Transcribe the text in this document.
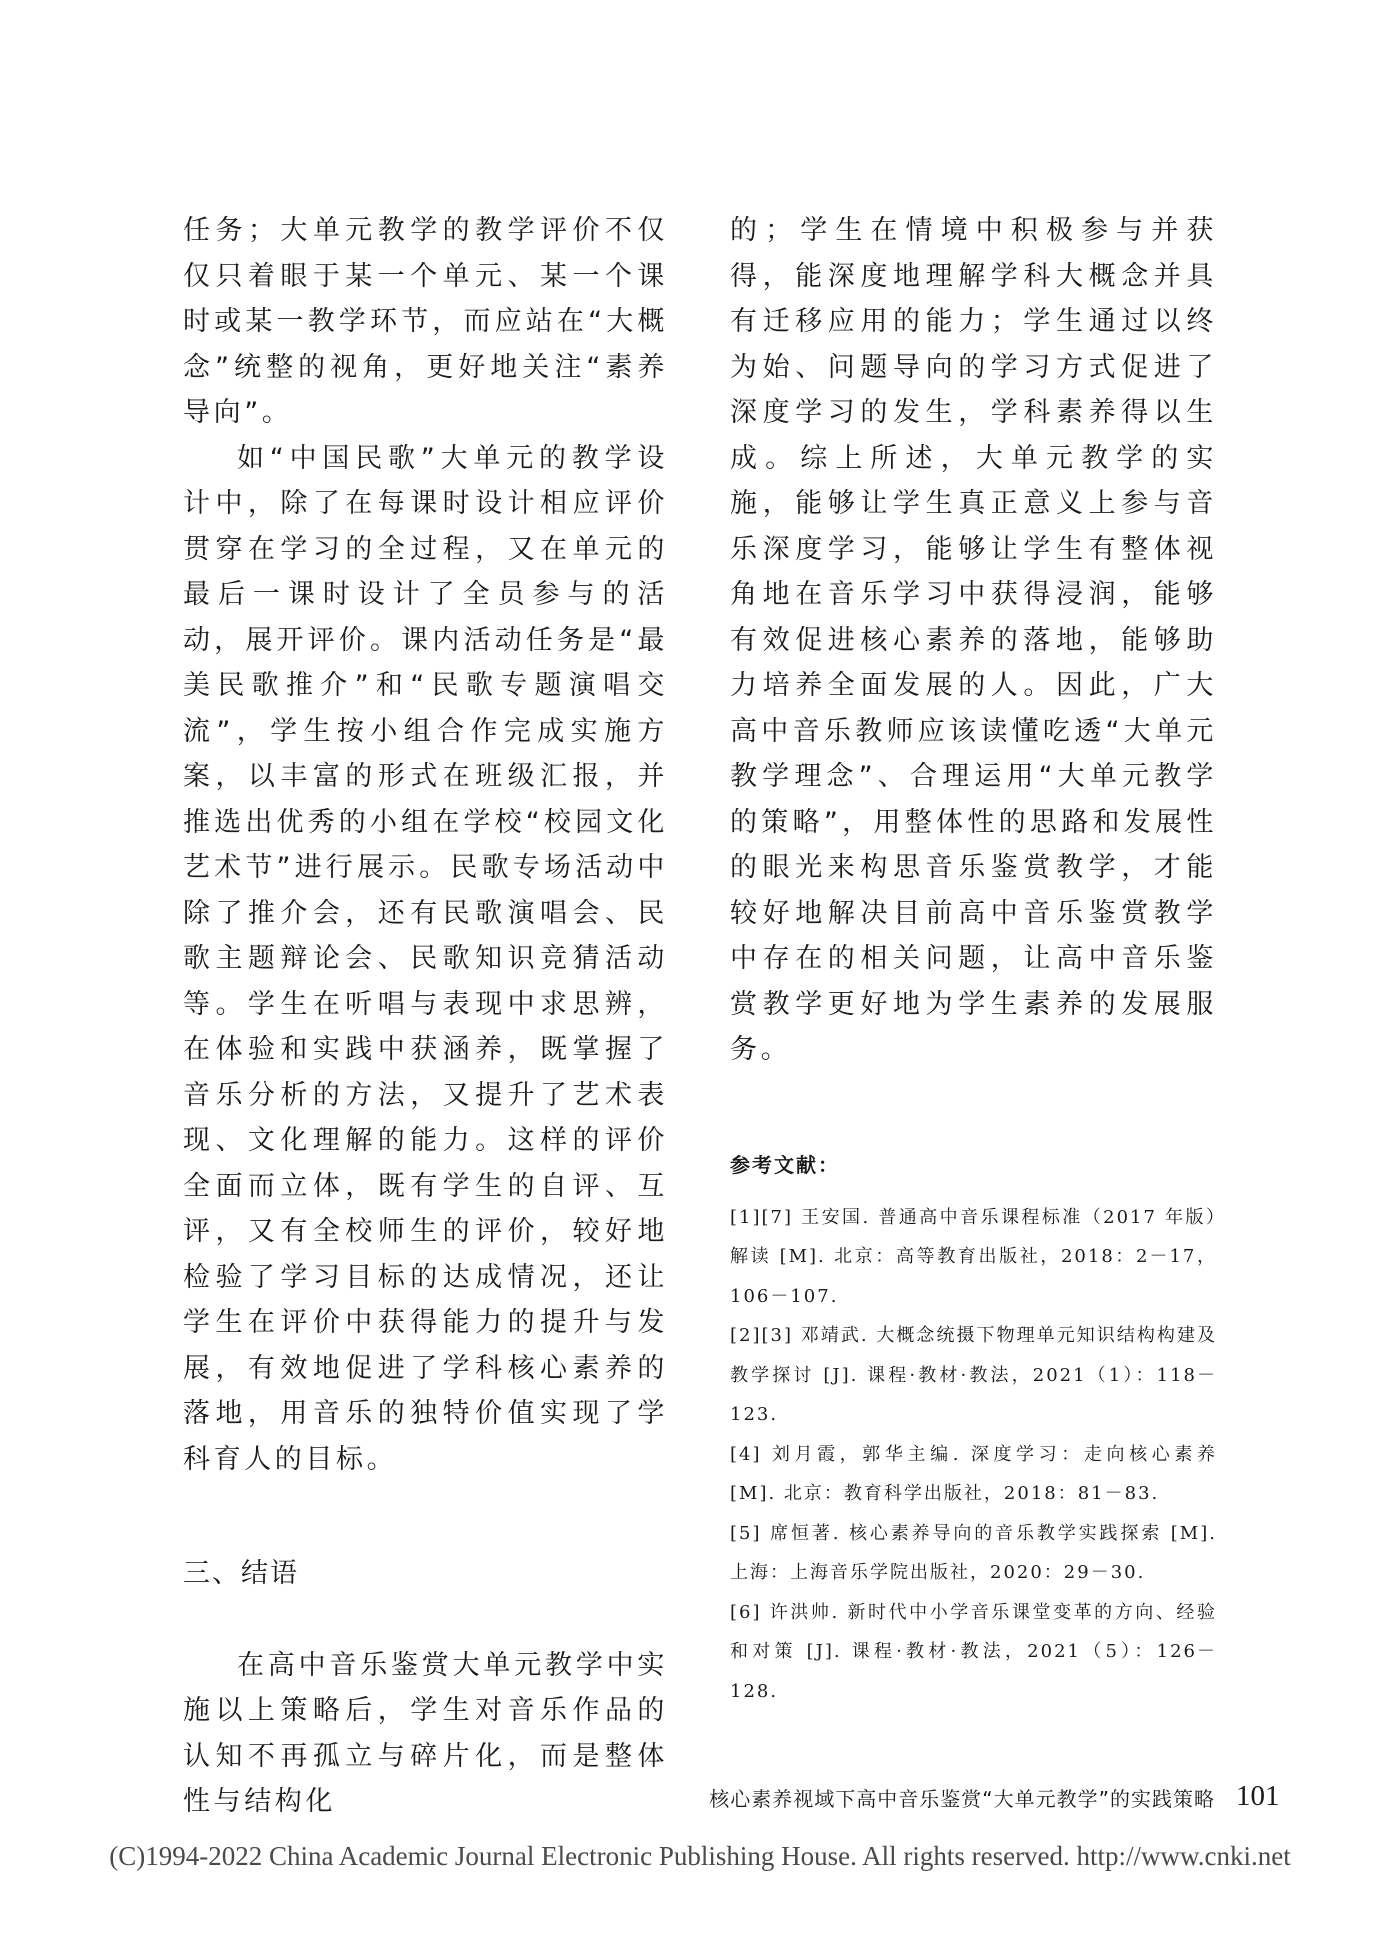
任务；大单元教学的教学评价不仅仅只着眼于某一个单元、某一个课时或某一教学环节，而应站在“大概念”统整的视角，更好地关注“素养导向”。

如“中国民歌”大单元的教学设计中，除了在每课时设计相应评价贯穿在学习的全过程，又在单元的最后一课时设计了全员参与的活动，展开评价。课内活动任务是“最美民歌推介”和“民歌专题演唱交流”，学生按小组合作完成实施方案，以丰富的形式在班级汇报，并推选出优秀的小组在学校“校园文化艺术节”进行展示。民歌专场活动中除了推介会，还有民歌演唱会、民歌主题辩论会、民歌知识竞猜活动等。学生在听唱与表现中求思辨，在体验和实践中获涵养，既掌握了音乐分析的方法，又提升了艺术表现、文化理解的能力。这样的评价全面而立体，既有学生的自评、互评，又有全校师生的评价，较好地检验了学习目标的达成情况，还让学生在评价中获得能力的提升与发展，有效地促进了学科核心素养的落地，用音乐的独特价值实现了学科育人的目标。

三、结语

在高中音乐鉴赏大单元教学中实施以上策略后，学生对音乐作品的认知不再孤立与碎片化，而是整体性与结构化

的；学生在情境中积极参与并获得，能深度地理解学科大概念并具有迁移应用的能力；学生通过以终为始、问题导向的学习方式促进了深度学习的发生，学科素养得以生成。综上所述，大单元教学的实施，能够让学生真正意义上参与音乐深度学习，能够让学生有整体视角地在音乐学习中获得浸润，能够有效促进核心素养的落地，能够助力培养全面发展的人。因此，广大高中音乐教师应该读懂吃透“大单元教学理念”、合理运用“大单元教学的策略”，用整体性的思路和发展性的眼光来构思音乐鉴赏教学，才能较好地解决目前高中音乐鉴赏教学中存在的相关问题，让高中音乐鉴赏教学更好地为学生素养的发展服务。

参考文献：

[1][7] 王安国. 普通高中音乐课程标准（2017 年版）解读 [M]. 北京：高等教育出版社，2018：2－17，106－107.
[2][3] 邓靖武. 大概念统摄下物理单元知识结构构建及教学探讨 [J]. 课程·教材·教法，2021（1）：118－123.
[4] 刘月霞，郭华主编. 深度学习：走向核心素养 [M]. 北京：教育科学出版社，2018：81－83.
[5] 席恒著. 核心素养导向的音乐教学实践探索 [M]. 上海：上海音乐学院出版社，2020：29－30.
[6] 许洪帅. 新时代中小学音乐课堂变革的方向、经验和对策 [J]. 课程·教材·教法，2021（5）：126－128.
核心素养视域下高中音乐鉴赏“大单元教学”的实践策略 101
(C)1994-2022 China Academic Journal Electronic Publishing House. All rights reserved. http://www.cnki.net
